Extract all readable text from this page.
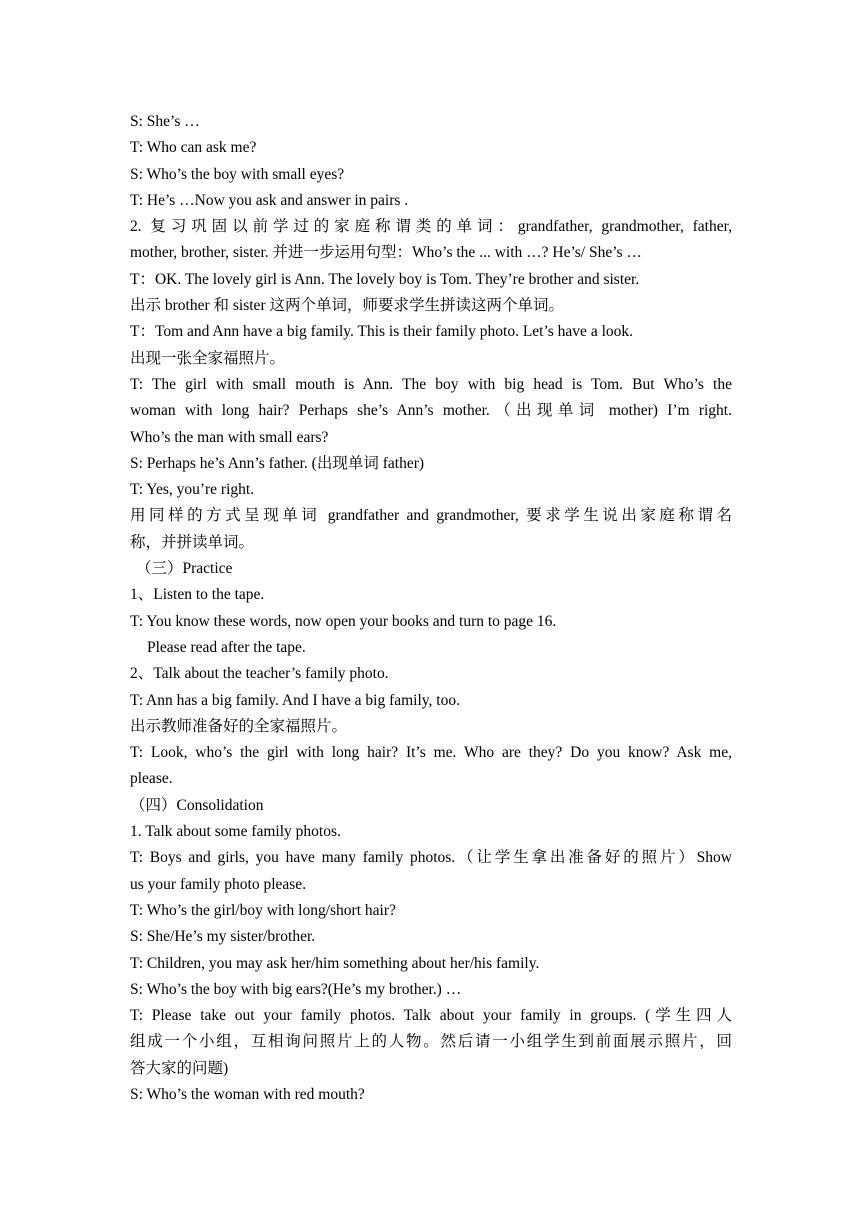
S: She’s …
T: Who can ask me?
S: Who’s the boy with small eyes?
T: He’s …Now you ask and answer in pairs .
2. 复习巩固以前学过的家庭称谓类的单词：grandfather, grandmother, father,
mother, brother, sister. 并进一步运用句型：Who’s the ... with …? He’s/ She’s …
T：OK. The lovely girl is Ann. The lovely boy is Tom. They’re brother and sister.
出示 brother 和 sister 这两个单词，师要求学生拼读这两个单词。
T：Tom and Ann have a big family. This is their family photo. Let’s have a look.
出现一张全家福照片。
T: The girl with small mouth is Ann. The boy with big head is Tom. But Who’s the
woman with long hair? Perhaps she’s Ann’s mother.（出现单词 mother) I’m right.
Who’s the man with small ears?
S: Perhaps he’s Ann’s father. (出现单词 father)
T: Yes, you’re right.
用同样的方式呈现单词 grandfather and grandmother, 要求学生说出家庭称谓名
称，并拼读单词。
（三）Practice
1、Listen to the tape.
T: You know these words, now open your books and turn to page 16.
Please read after the tape.
2、Talk about the teacher’s family photo.
T: Ann has a big family. And I have a big family, too.
出示教师准备好的全家福照片。
T: Look, who’s the girl with long hair? It’s me. Who are they? Do you know? Ask me,
please.
（四）Consolidation
1. Talk about some family photos.
T: Boys and girls, you have many family photos.（让学生拿出准备好的照片）Show
us your family photo please.
T: Who’s the girl/boy with long/short hair?
S: She/He’s my sister/brother.
T: Children, you may ask her/him something about her/his family.
S: Who’s the boy with big ears?(He’s my brother.) …
T: Please take out your family photos. Talk about your family in groups. (学生四人
组成一个小组，互相询问照片上的人物。然后请一小组学生到前面展示照片，回
答大家的问题)
S: Who’s the woman with red mouth?
